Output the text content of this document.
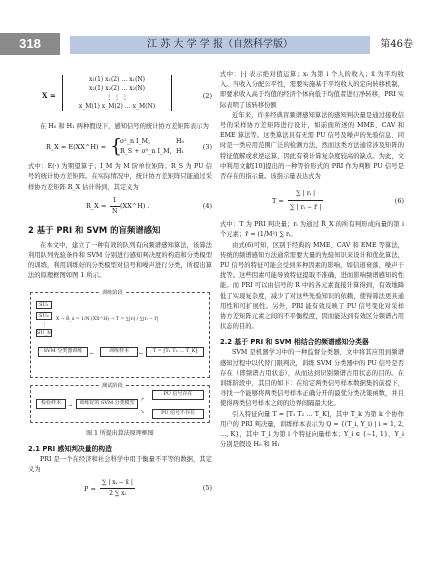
318	江 苏 大 学 学 报（自然科学版）	第46卷
X =
x₁(1) x₁(2) … x₁(N)
x₂(1) x₂(2) … x₂(N)
⋮ ⋮ ⋮
x_M(1) x_M(2) … x_M(N)
(2)

在 H₀ 和 H₁ 两种假设下，感知信号的统计协方差矩阵表示为

R_X = E(XX^H) = {
σ²_n I_M,	H₀
R_S + σ²_n I_M, H₁
(3)

式中：E(·) 为期望算子；I_M 为 M 阶单位矩阵；R_S 为 PU 信号的统计协方差矩阵。在实际情况中，统计协方差矩阵只能通过采样协方差矩阵 R_X 估计得到，其定义为

R_X = $\frac{1}{N}$ (XX^H) .	(4)
2 基于 PRI 和 SVM 的盲频谱感知

在本文中，建立了一种有效的队列有向频谱感知算法，该算法利用队列先验条件和 SVM 分别进行感知判决度的构造和分类模型的训练，利用训练好的分类模型对信号和噪声进行分类，所提出算法的原理框图如图 1 所示。

训练阶段
SU₁
SU₂
⋮
SU_M
X → R̂_x = 1/N (XX^H) → T = ∑|rᵢ| / ∑|rᵢ − r̄|
SVM 分类器训练	训练样本	T = [T₁ T₂ … T_K]
←	←
测试阶段
检验样本	→	训练好的 SVM 分类模型	↗
↘
PU 信号存在
PU 信号不存在
图 1 所提出算法原理框图
2.1 PRI 感知判决量的构造

PRI 是一个在经济和社会科学中用于衡量不平等的数据，其定义为

$P = \frac{\text{∑ | xᵢ − x̄ |}}{\text{2 ∑ xᵢ}}$	(5)

式中：|·| 表示绝对值运算；xᵢ 为第 i 个人的收入；x̄ 为平均收入。当收入分配公平性，需要实施基于平均收入的定向转移机制，即要求收入高于均值的经济个体向低于均值者进行净转移，PRI 实际表明了该转移份额

近年来，许多经典盲频谱感知算法的感知判决量是通过接收信号的采样协方差矩阵进行设计，如前面所述的 MME、CAV 和 EME 算法等。这类算法具有无需 PU 信号及噪声的先验信息、同时是一类应用范围广泛的检测方法，然而这类方法通常涉及矩阵的特征值解或求逆运算，因此有着计算复杂度较高的缺点。为此，文中利用文献[10]提出的一种等价形式的 PRI 作为判断 PU 信号是否存在的指示量。该指示量表达式为

$T = \frac{\text{∑ | rᵢ |}}{\text{∑ | rᵢ − r̄ |}}$	(6)

式中：T 为 PRI 判决量；rᵢ 为通过 R̂_X 的所有判形成向量的第 i 个元素；r̄ = (1/M²) ∑ rᵢ。

由式(6)可知，区别于经典的 MME、CAV 和 EME 等算法，传统的频谱感知方法通常需要大量的先验知识来设计和优化算法，PU 信号的特征可能会受到多种因素的影响，如信道衰落、噪声干扰等。这些因素可能导致特征提取不准确，进而影响频谱感知的性能。而 PRI 可以由信号的 R 中的各元素直接计算得到，有效地降低了实现复杂度，减少了对这些先验知识的依赖，使得算法更具通用性和可扩展性。另外，PRI 能有效反映了 PU 信号变化对采样协方差矩阵元素之间的不平衡程度，因而能达到有效区分频谱占用状态的目的。

2.2 基于 PRI 和 SVM 相结合的频谱感知分类器

SVM 是机器学习中的一种监督分类器，文中将其应用到频谱感知过程中以代替门限判决，训练 SVM 分类器中的 PU 信号是否存在（即频谱占用状态），从而达到识别频谱占用状态的目的。在训练阶段中，其目的如下：在给定两类信号样本数据集的前提下，寻找一个能够将两类信号样本正确分开的最优分类决策函数，并且使得两类信号样本之间的边界间隔最大化。

引入特征向量 T = [T₁ T₂ … T_K]，其中 T_k 为第 k 个协作用户的 PRI 判决量，训练样本表示为 Q = {(T_i, Y_i) | i = 1, 2, …, K}，其中 T_i 为第 i 个特征向量样本；Y_i ∈ {−1, 1}，Y_i 分别是假设 H₀ 和 H₁
